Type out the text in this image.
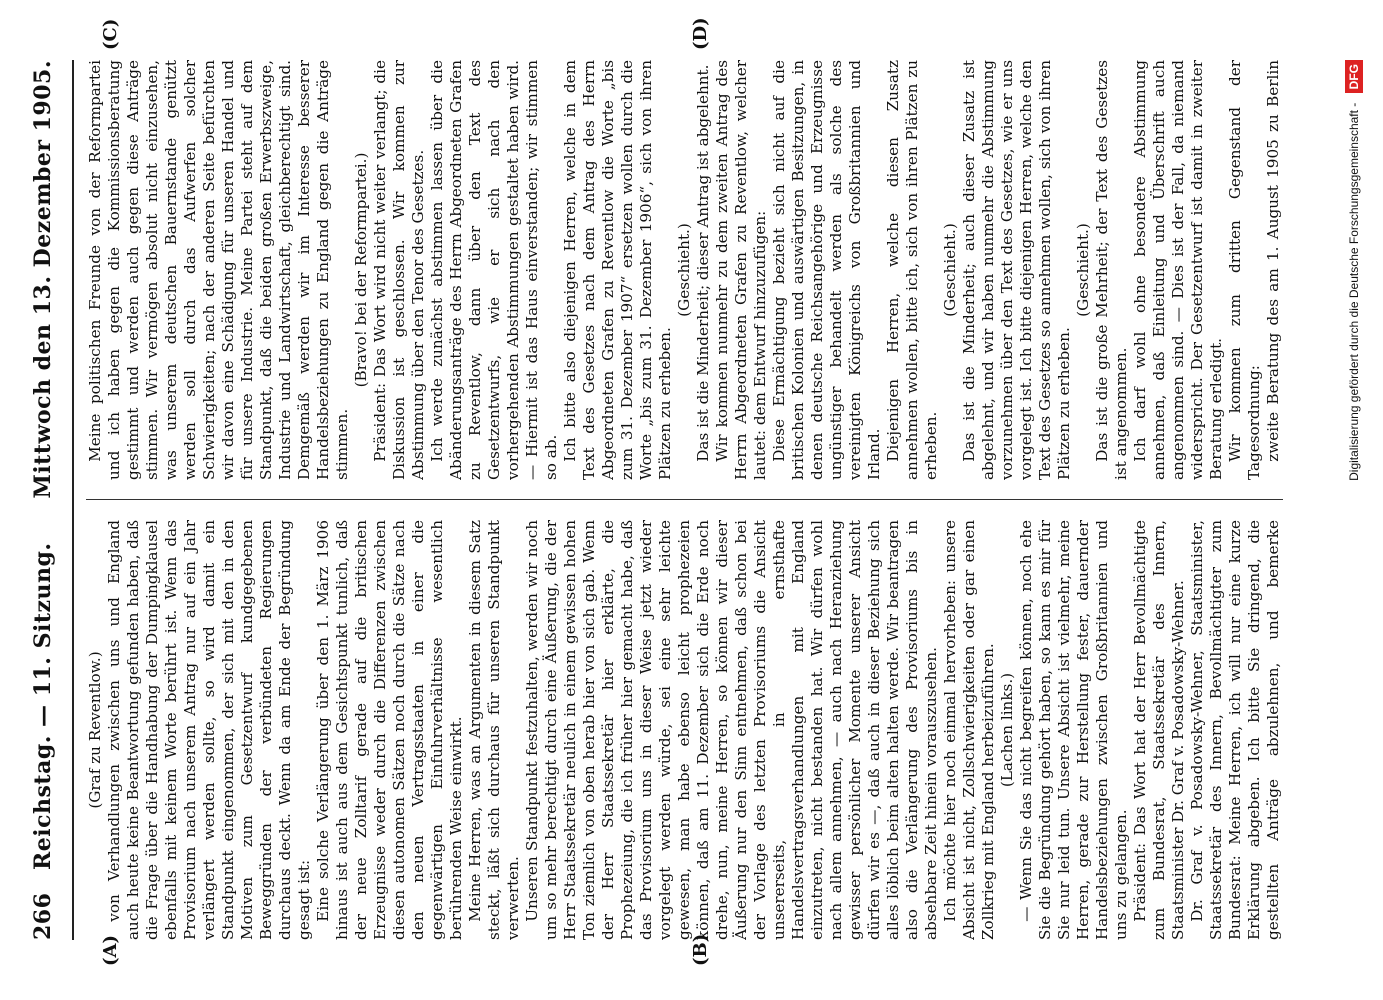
266
Reichstag. — 11. Sitzung.
Mittwoch den 13. Dezember 1905.
(A)	(B)
(C)	(D)

(Graf zu Reventlow.) von Verhandlungen zwischen uns und England auch heute keine Beantwortung gefunden haben, daß die Frage über die Handhabung der Dumpingklausel ebenfalls mit keinem Worte berührt ist. Wenn das Provisorium nach unserem Antrag nur auf ein Jahr verlängert werden sollte, so wird damit ein Standpunkt eingenommen, der sich mit den in den Motiven zum Gesetzentwurf kundgegebenen Beweggründen der verbündeten Regierungen durchaus deckt. Wenn da am Ende der Begründung gesagt ist: Eine solche Verlängerung über den 1. März 1906 hinaus ist auch aus dem Gesichtspunkt tunlich, daß der neue Zolltarif gerade auf die britischen Erzeugnisse weder durch die Differenzen zwischen diesen autonomen Sätzen noch durch die Sätze nach den neuen Vertragsstaaten in einer die gegenwärtigen Einfuhrverhältnisse wesentlich berührenden Weise einwirkt. Meine Herren, was an Argumenten in diesem Satz steckt, läßt sich durchaus für unseren Standpunkt verwerten. Unseren Standpunkt festzuhalten, werden wir noch um so mehr berechtigt durch eine Äußerung, die der Herr Staatssekretär neulich in einem gewissen hohen Ton ziemlich von oben herab hier von sich gab. Wenn der Herr Staatssekretär hier erklärte, die Prophezeiung, die ich früher hier gemacht habe, daß das Provisorium uns in dieser Weise jetzt wieder vorgelegt werden würde, sei eine sehr leichte gewesen, man habe ebenso leicht prophezeien können, daß am 11. Dezember sich die Erde noch drehe, nun, meine Herren, so können wir dieser Äußerung nur den Sinn entnehmen, daß schon bei der Vorlage des letzten Provisoriums die Ansicht unsererseits, in ernsthafte Handelsvertragsverhandlungen mit England einzutreten, nicht bestanden hat. Wir dürfen wohl nach allem annehmen, — auch nach Heranziehung gewisser persönlicher Momente unserer Ansicht dürfen wir es —, daß auch in dieser Beziehung sich alles löblich beim alten halten werde. Wir beantragen also die Verlängerung des Provisoriums bis in absehbare Zeit hinein vorauszusehen. Ich möchte hier noch einmal hervorheben: unsere Absicht ist nicht, Zollschwierigkeiten oder gar einen Zollkrieg mit England herbeizuführen. (Lachen links.) — Wenn Sie das nicht begreifen können, noch ehe Sie die Begründung gehört haben, so kann es mir für Sie nur leid tun. Unsere Absicht ist vielmehr, meine Herren, gerade zur Herstellung fester, dauernder Handelsbeziehungen zwischen Großbritannien und uns zu gelangen. Präsident: Das Wort hat der Herr Bevollmächtigte zum Bundesrat, Staatssekretär des Innern, Staatsminister Dr. Graf v. Posadowsky-Wehner. Dr. Graf v. Posadowsky-Wehner, Staatsminister, Staatssekretär des Innern, Bevollmächtigter zum Bundesrat: Meine Herren, ich will nur eine kurze Erklärung abgeben. Ich bitte Sie dringend, die gestellten Anträge abzulehnen, und bemerke

Meine politischen Freunde von der Reformpartei und ich haben gegen die Kommissionsberatung gestimmt und werden auch gegen diese Anträge stimmen. Wir vermögen absolut nicht einzusehen, was unserem deutschen Bauernstande genützt werden soll durch das Aufwerfen solcher Schwierigkeiten; nach der anderen Seite befürchten wir davon eine Schädigung für unseren Handel und für unsere Industrie. Meine Partei steht auf dem Standpunkt, daß die beiden großen Erwerbszweige, Industrie und Landwirtschaft, gleichberechtigt sind. Demgemäß werden wir im Interesse besserer Handelsbeziehungen zu England gegen die Anträge stimmen.

(Bravo! bei der Reformpartei.) Präsident: Das Wort wird nicht weiter verlangt; die Diskussion ist geschlossen. Wir kommen zur Abstimmung über den Tenor des Gesetzes. Ich werde zunächst abstimmen lassen über die Abänderungsanträge des Herrn Abgeordneten Grafen zu Reventlow, dann über den Text des Gesetzentwurfs, wie er sich nach den vorhergehenden Abstimmungen gestaltet haben wird. — Hiermit ist das Haus einverstanden; wir stimmen so ab. Ich bitte also diejenigen Herren, welche in dem Text des Gesetzes nach dem Antrag des Herrn Abgeordneten Grafen zu Reventlow die Worte „bis zum 31. Dezember 1907“ ersetzen wollen durch die Worte „bis zum 31. Dezember 1906“, sich von ihren Plätzen zu erheben.

(Geschieht.) Das ist die Minderheit; dieser Antrag ist abgelehnt. Wir kommen nunmehr zu dem zweiten Antrag des Herrn Abgeordneten Grafen zu Reventlow, welcher lautet: dem Entwurf hinzuzufügen: Diese Ermächtigung bezieht sich nicht auf die britischen Kolonien und auswärtigen Besitzungen, in denen deutsche Reichsangehörige und Erzeugnisse ungünstiger behandelt werden als solche des vereinigten Königreichs von Großbritannien und Irland. Diejenigen Herren, welche diesen Zusatz annehmen wollen, bitte ich, sich von ihren Plätzen zu erheben.

(Geschieht.) Das ist die Minderheit; auch dieser Zusatz ist abgelehnt, und wir haben nunmehr die Abstimmung vorzunehmen über den Text des Gesetzes, wie er uns vorgelegt ist. Ich bitte diejenigen Herren, welche den Text des Gesetzes so annehmen wollen, sich von ihren Plätzen zu erheben.

(Geschieht.) Das ist die große Mehrheit; der Text des Gesetzes ist angenommen. Ich darf wohl ohne besondere Abstimmung annehmen, daß Einleitung und Überschrift auch angenommen sind. — Dies ist der Fall, da niemand widerspricht. Der Gesetzentwurf ist damit in zweiter Beratung erledigt. Wir kommen zum dritten Gegenstand der Tagesordnung: zweite Beratung des am 1. August 1905 zu Berlin

Digitalisierung gefördert durch die Deutsche Forschungsgemeinschaft - DFG
